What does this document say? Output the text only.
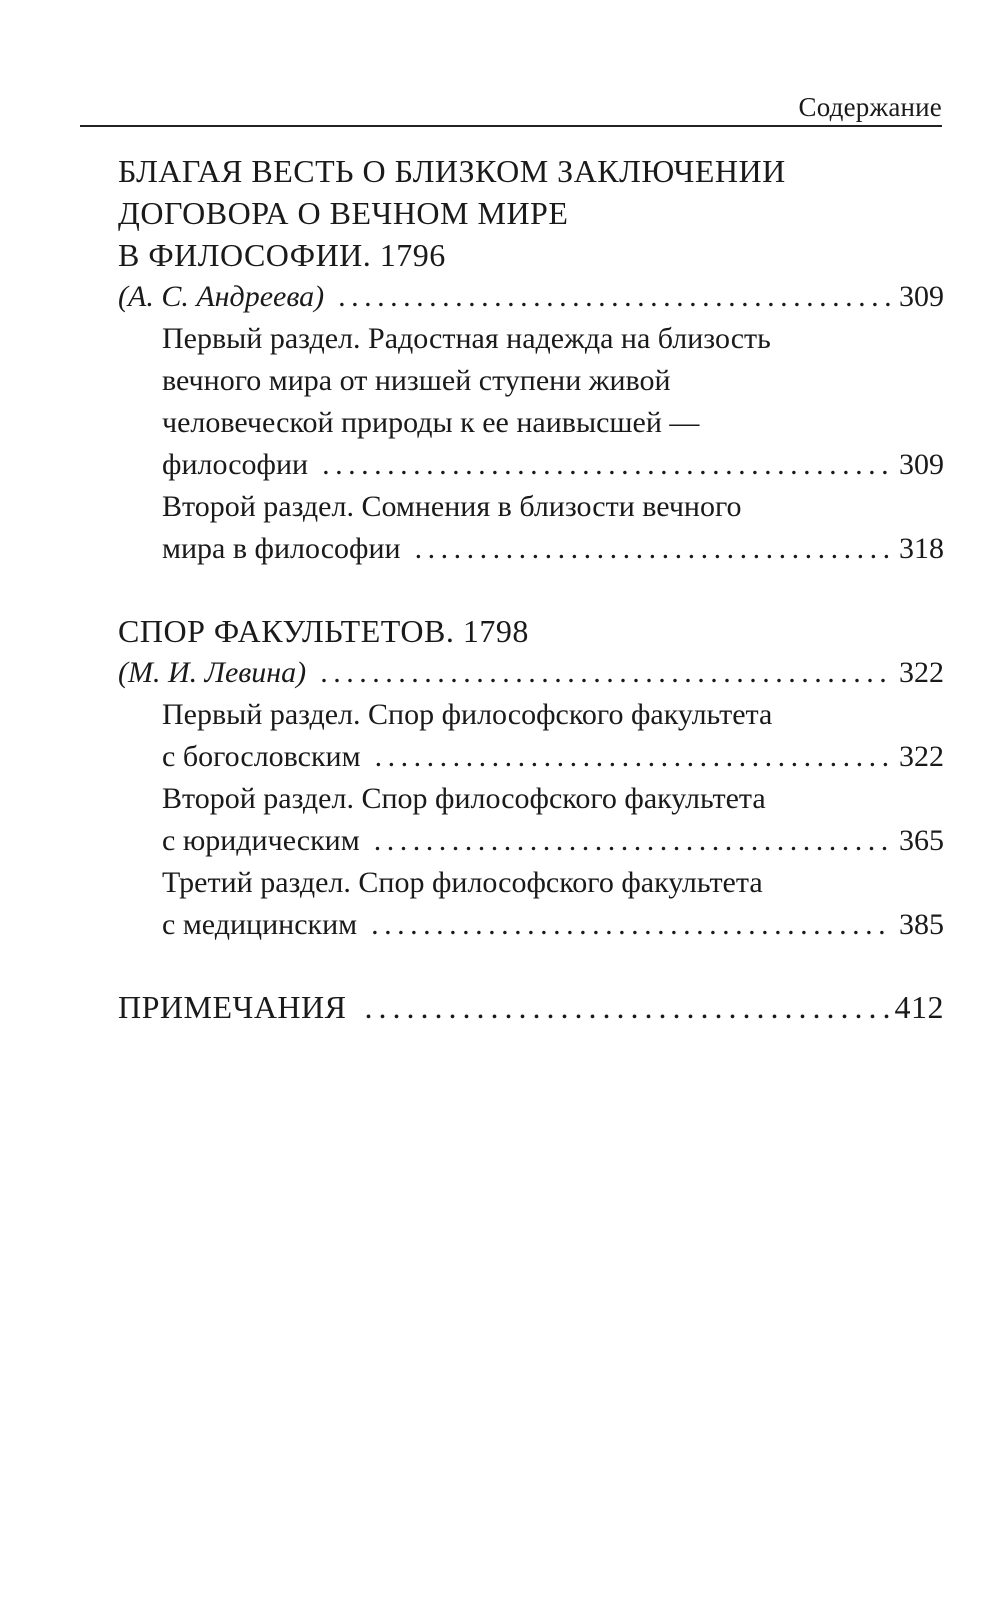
Содержание
БЛАГАЯ ВЕСТЬ О БЛИЗКОМ ЗАКЛЮЧЕНИИ
ДОГОВОРА О ВЕЧНОМ МИРЕ
В ФИЛОСОФИИ. 1796
(А. С. Андреева) . . .	309
Первый раздел. Радостная надежда на близость
вечного мира от низшей ступени живой
человеческой природы к ее наивысшей —
философии . . .	309
Второй раздел. Сомнения в близости вечного
мира в философии . . .	318
СПОР ФАКУЛЬТЕТОВ. 1798
(М. И. Левина) . . .	322
Первый раздел. Спор философского факультета
с богословским . . .	322
Второй раздел. Спор философского факультета
с юридическим . . .	365
Третий раздел. Спор философского факультета
с медицинским . . .	385
ПРИМЕЧАНИЯ . . .	412
